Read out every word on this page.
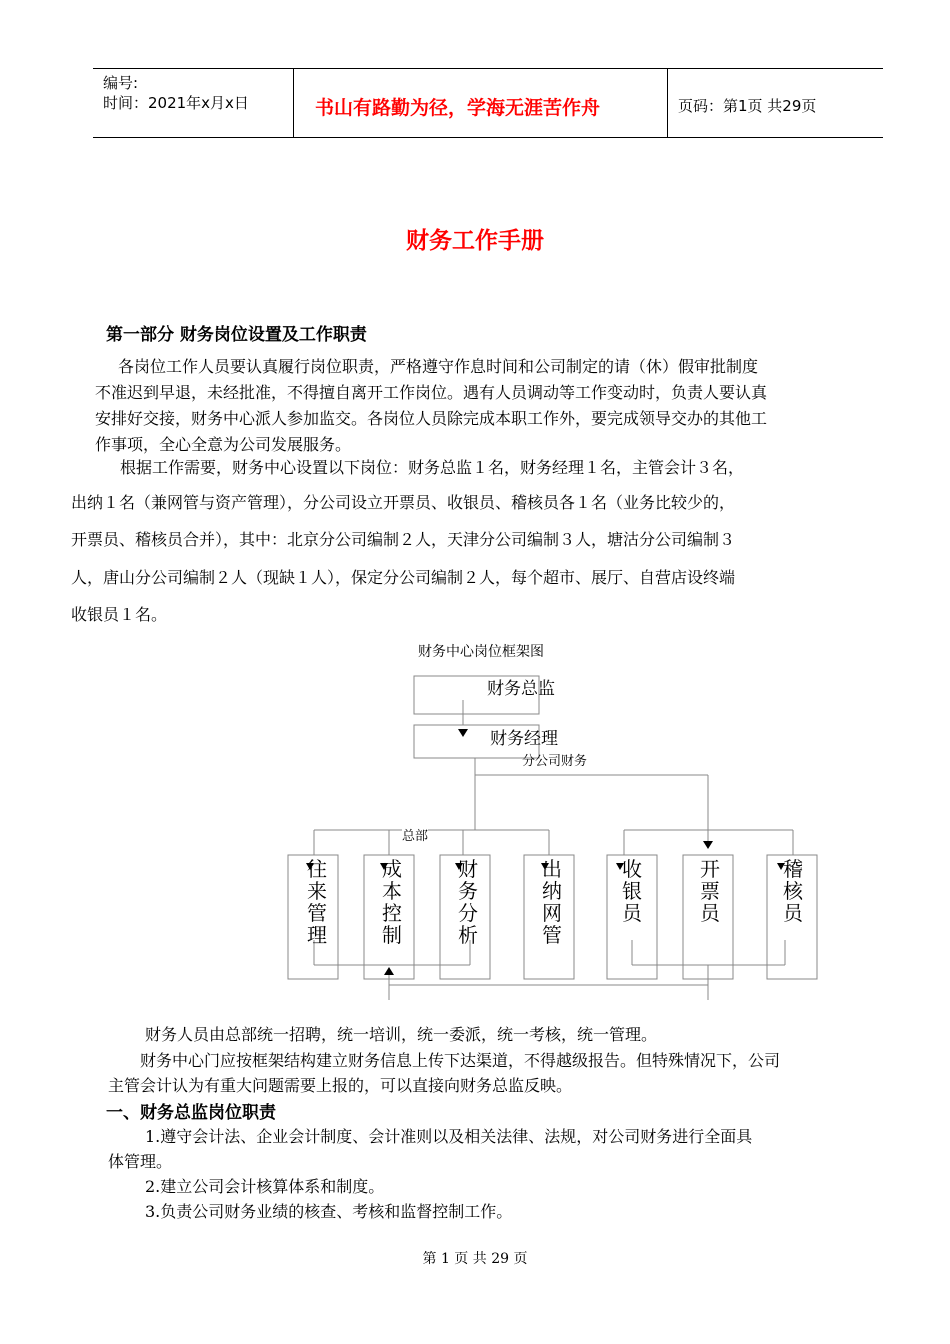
编号:
时间：2021年x月x日	书山有路勤为径，学海无涯苦作舟	页码：第1页 共29页
财务工作手册
第一部分 财务岗位设置及工作职责
各岗位工作人员要认真履行岗位职责，严格遵守作息时间和公司制定的请（休）假审批制度
不准迟到早退，未经批准，不得擅自离开工作岗位。遇有人员调动等工作变动时，负责人要认真
安排好交接，财务中心派人参加监交。各岗位人员除完成本职工作外，要完成领导交办的其他工
作事项，全心全意为公司发展服务。
根据工作需要，财务中心设置以下岗位：财务总监１名，财务经理１名，主管会计３名，
出纳１名（兼网管与资产管理），分公司设立开票员、收银员、稽核员各１名（业务比较少的，
开票员、稽核员合并），其中：北京分公司编制２人，天津分公司编制３人，塘沽分公司编制３
人，唐山分公司编制２人（现缺１人），保定分公司编制２人，每个超市、展厅、自营店设终端
收银员１名。
财务中心岗位框架图
财务总监
财务经理
分公司财务
总部
往来管理
成本控制
财务分析
出纳网管
收银员
开票员
稽核员
财务人员由总部统一招聘，统一培训，统一委派，统一考核，统一管理。
财务中心门应按框架结构建立财务信息上传下达渠道，不得越级报告。但特殊情况下，公司
主管会计认为有重大问题需要上报的，可以直接向财务总监反映。
一、财务总监岗位职责
1.遵守会计法、企业会计制度、会计准则以及相关法律、法规，对公司财务进行全面具
体管理。
2.建立公司会计核算体系和制度。
3.负责公司财务业绩的核查、考核和监督控制工作。
第 1 页 共 29 页
